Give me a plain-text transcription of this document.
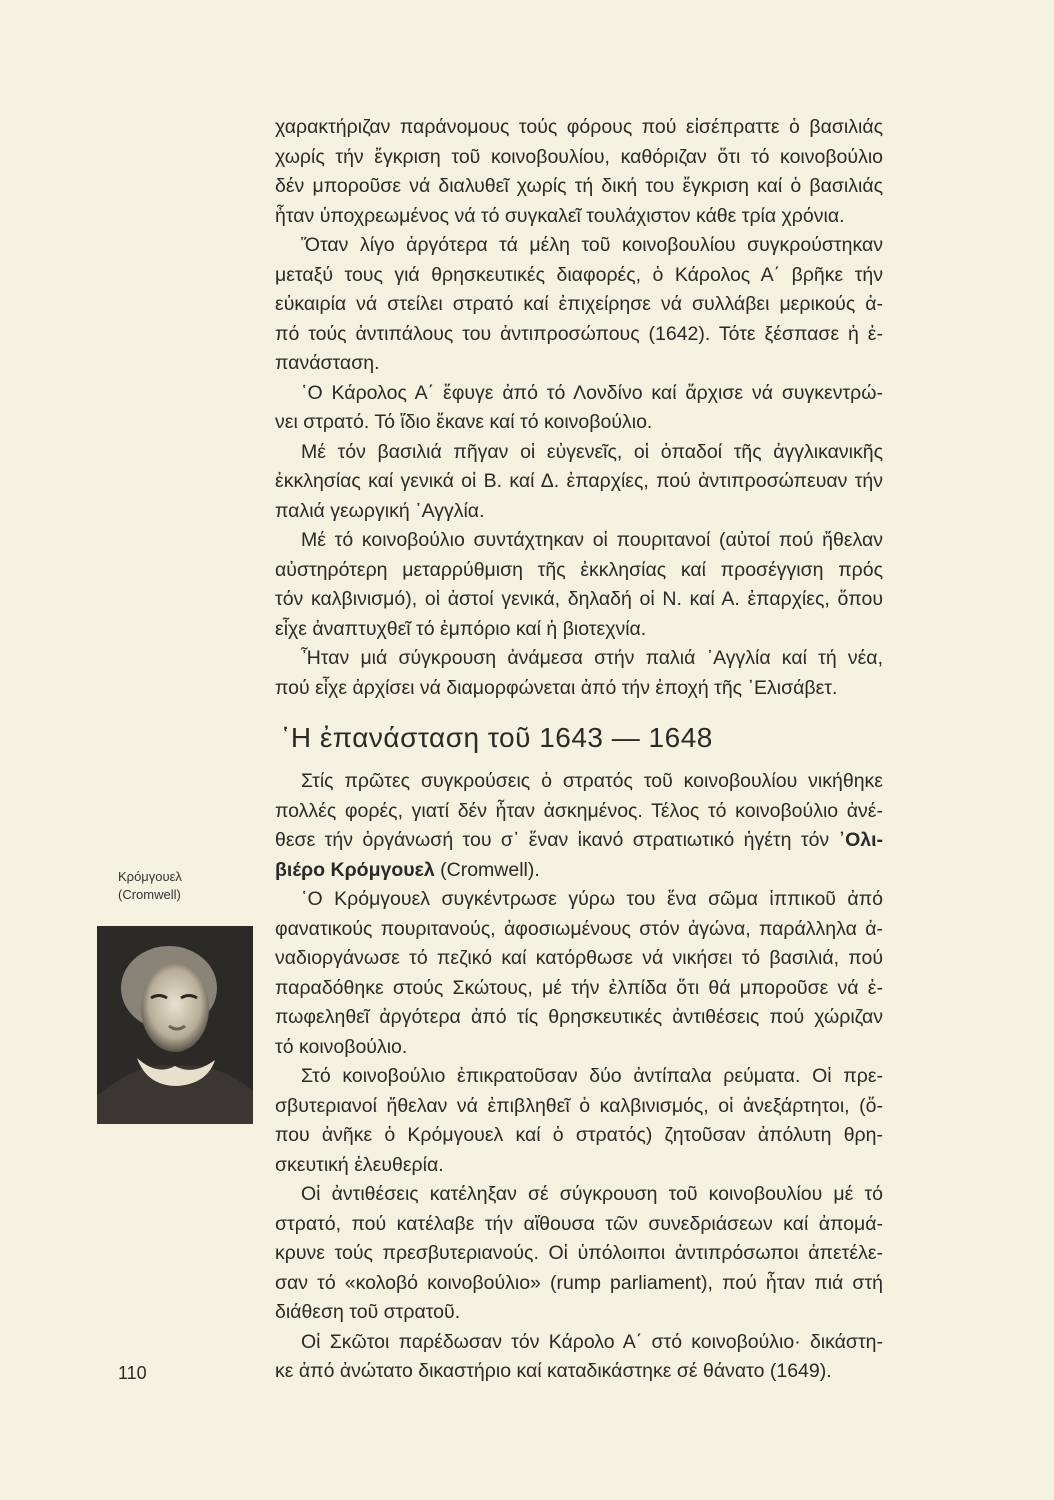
χαρακτήριζαν παράνομους τούς φόρους πού εἰσέπραττε ὁ βασιλιάς
χωρίς τήν ἔγκριση τοῦ κοινοβουλίου, καθόριζαν ὅτι τό κοινοβούλιο
δέν μποροῦσε νά διαλυθεῖ χωρίς τή δική του ἔγκριση καί ὁ βασιλιάς
ἦταν ὑποχρεωμένος νά τό συγκαλεῖ τουλάχιστον κάθε τρία χρόνια.
Ὅταν λίγο ἀργότερα τά μέλη τοῦ κοινοβουλίου συγκρούστηκαν
μεταξύ τους γιά θρησκευτικές διαφορές, ὁ Κάρολος Α΄ βρῆκε τήν
εὐκαιρία νά στείλει στρατό καί ἐπιχείρησε νά συλλάβει μερικούς ἀ-
πό τούς ἀντιπάλους του ἀντιπροσώπους (1642). Τότε ξέσπασε ἡ ἐ-
πανάσταση.
῾Ο Κάρολος Α΄ ἔφυγε ἀπό τό Λονδίνο καί ἄρχισε νά συγκεντρώ-
νει στρατό. Τό ἴδιο ἔκανε καί τό κοινοβούλιο.
Μέ τόν βασιλιά πῆγαν οἱ εὐγενεῖς, οἱ ὀπαδοί τῆς ἀγγλικανικῆς
ἐκκλησίας καί γενικά οἱ Β. καί Δ. ἐπαρχίες, πού ἀντιπροσώπευαν τήν
παλιά γεωργική ᾿Αγγλία.
Μέ τό κοινοβούλιο συντάχτηκαν οἱ πουριτανοί (αὐτοί πού ἤθελαν
αὐστηρότερη μεταρρύθμιση τῆς ἐκκλησίας καί προσέγγιση πρός
τόν καλβινισμό), οἱ ἀστοί γενικά, δηλαδή οἱ Ν. καί Α. ἐπαρχίες, ὅπου
εἶχε ἀναπτυχθεῖ τό ἐμπόριο καί ἡ βιοτεχνία.
Ἦταν μιά σύγκρουση ἀνάμεσα στήν παλιά ᾿Αγγλία καί τή νέα,
πού εἶχε ἀρχίσει νά διαμορφώνεται ἀπό τήν ἐποχή τῆς ᾿Ελισάβετ.
῾Η ἐπανάσταση τοῦ 1643 — 1648
Στίς πρῶτες συγκρούσεις ὁ στρατός τοῦ κοινοβουλίου νικήθηκε
πολλές φορές, γιατί δέν ἦταν ἀσκημένος. Τέλος τό κοινοβούλιο ἀνέ-
θεσε τήν ὀργάνωσή του σ᾿ ἕναν ἱκανό στρατιωτικό ἡγέτη τόν ᾿Ολι-
βιέρο Κρόμγουελ (Cromwell).
῾Ο Κρόμγουελ συγκέντρωσε γύρω του ἕνα σῶμα ἱππικοῦ ἀπό
φανατικούς πουριτανούς, ἀφοσιωμένους στόν ἀγώνα, παράλληλα ἀ-
ναδιοργάνωσε τό πεζικό καί κατόρθωσε νά νικήσει τό βασιλιά, πού
παραδόθηκε στούς Σκώτους, μέ τήν ἐλπίδα ὅτι θά μποροῦσε νά ἐ-
πωφεληθεῖ ἀργότερα ἀπό τίς θρησκευτικές ἀντιθέσεις πού χώριζαν
τό κοινοβούλιο.
Στό κοινοβούλιο ἐπικρατοῦσαν δύο ἀντίπαλα ρεύματα. Οἱ πρε-
σβυτεριανοί ἤθελαν νά ἐπιβληθεῖ ὁ καλβινισμός, οἱ ἀνεξάρτητοι, (ὅ-
που ἀνῆκε ὁ Κρόμγουελ καί ὁ στρατός) ζητοῦσαν ἀπόλυτη θρη-
σκευτική ἐλευθερία.
Οἱ ἀντιθέσεις κατέληξαν σέ σύγκρουση τοῦ κοινοβουλίου μέ τό
στρατό, πού κατέλαβε τήν αἴθουσα τῶν συνεδριάσεων καί ἀπομά-
κρυνε τούς πρεσβυτεριανούς. Οἱ ὑπόλοιποι ἀντιπρόσωποι ἀπετέλε-
σαν τό «κολοβό κοινοβούλιο» (rump parliament), πού ἦταν πιά στή
διάθεση τοῦ στρατοῦ.
Οἱ Σκῶτοι παρέδωσαν τόν Κάρολο Α΄ στό κοινοβούλιο· δικάστη-
κε ἀπό ἀνώτατο δικαστήριο καί καταδικάστηκε σέ θάνατο (1649).
Κρόμγουελ
(Cromwell)
110
